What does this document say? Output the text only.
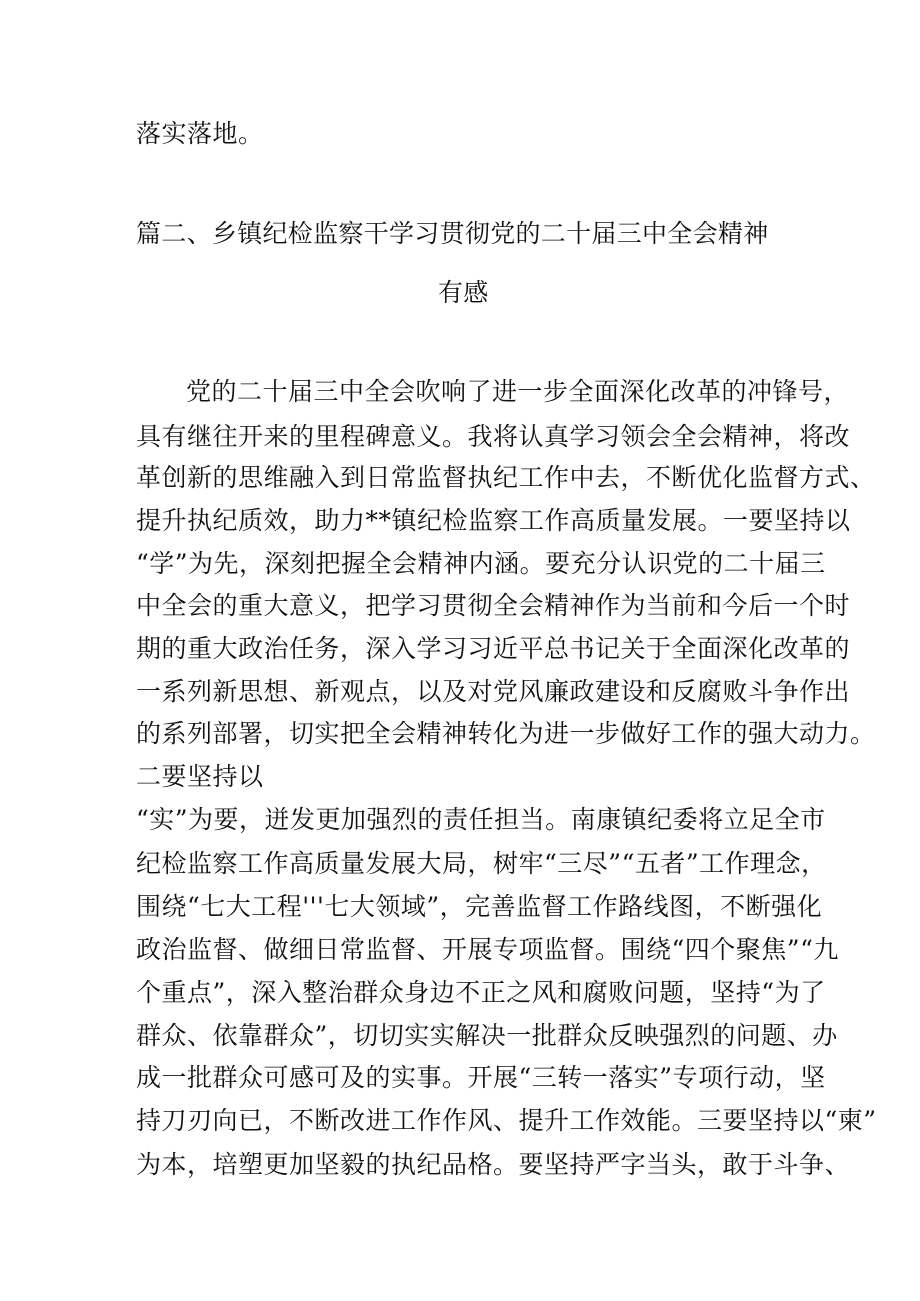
落实落地。
篇二、乡镇纪检监察干学习贯彻党的二十届三中全会精神
有感
党的二十届三中全会吹响了进一步全面深化改革的冲锋号，
具有继往开来的里程碑意义。我将认真学习领会全会精神，将改
革创新的思维融入到日常监督执纪工作中去，不断优化监督方式、
提升执纪质效，助力**镇纪检监察工作高质量发展。一要坚持以
“学”为先，深刻把握全会精神内涵。要充分认识党的二十届三
中全会的重大意义，把学习贯彻全会精神作为当前和今后一个时
期的重大政治任务，深入学习习近平总书记关于全面深化改革的
一系列新思想、新观点，以及对党风廉政建设和反腐败斗争作出
的系列部署，切实把全会精神转化为进一步做好工作的强大动力。
二要坚持以
“实”为要，迸发更加强烈的责任担当。南康镇纪委将立足全市
纪检监察工作高质量发展大局，树牢“三尽”“五者”工作理念，
围绕“七大工程'''七大领域”，完善监督工作路线图，不断强化
政治监督、做细日常监督、开展专项监督。围绕“四个聚焦”“九
个重点”，深入整治群众身边不正之风和腐败问题，坚持“为了
群众、依靠群众”，切切实实解决一批群众反映强烈的问题、办
成一批群众可感可及的实事。开展“三转一落实”专项行动，坚
持刀刃向已，不断改进工作作风、提升工作效能。三要坚持以“柬”
为本，培塑更加坚毅的执纪品格。要坚持严字当头，敢于斗争、
